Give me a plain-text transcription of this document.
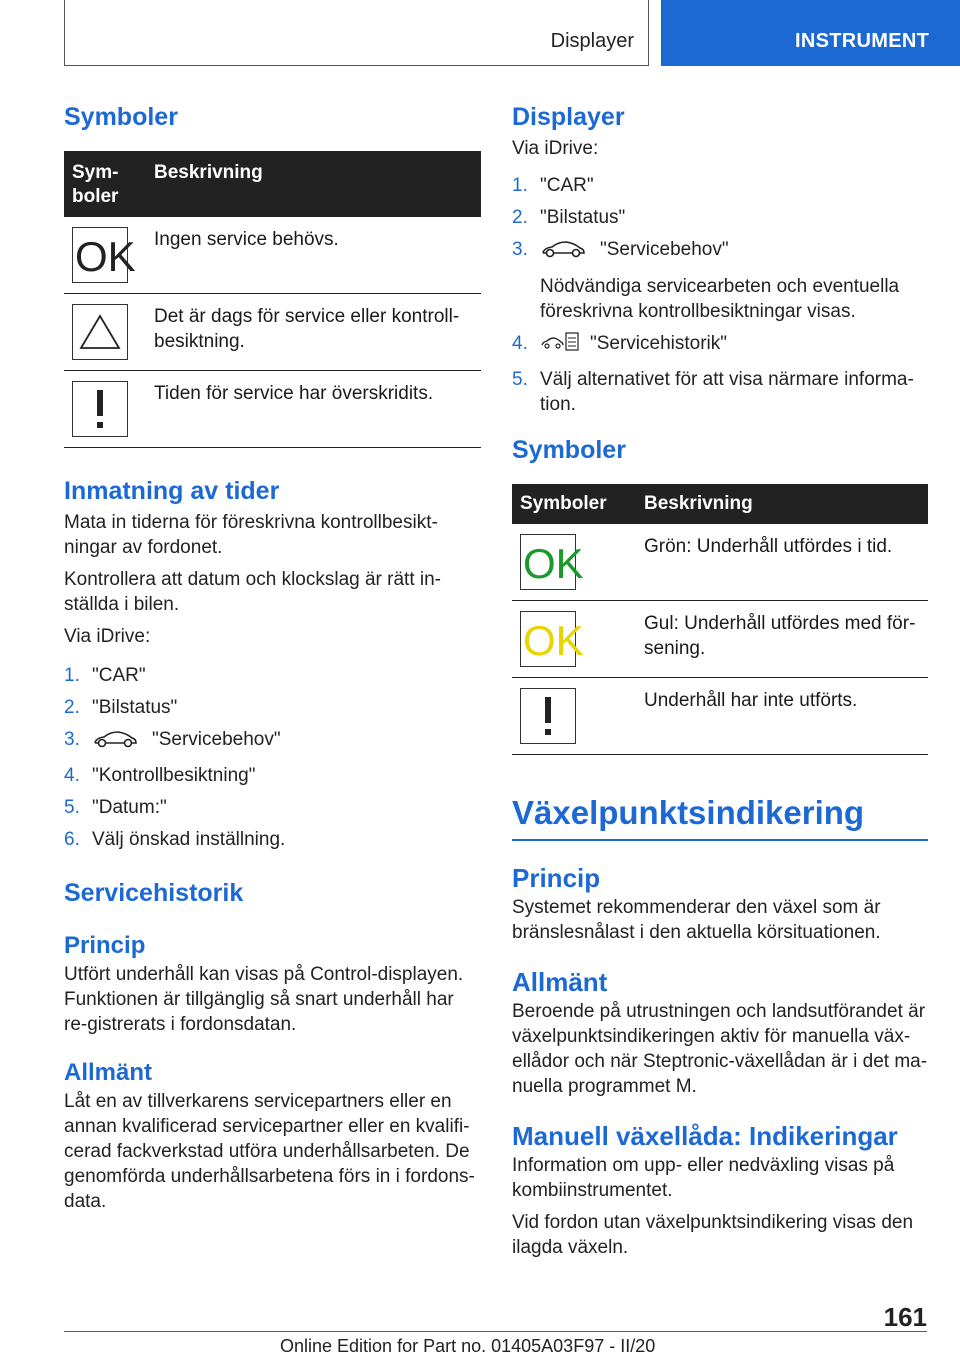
Displayer	INSTRUMENT
Symboler
Sym-
boler	Beskrivning

OK	Ingen service behövs.

	Det är dags för service eller kontroll-besiktning.

	Tiden för service har överskridits.
Inmatning av tider

Mata in tiderna för föreskrivna kontrollbesikt-ningar av fordonet.

Kontrollera att datum och klockslag är rätt in-ställda i bilen.

Via iDrive:

1. "CAR"
2. "Bilstatus"
3.	"Servicebehov"
4. "Kontrollbesiktning"
5. "Datum:"
6. Välj önskad inställning.
Servicehistorik
Princip

Utfört underhåll kan visas på Control-displayen. Funktionen är tillgänglig så snart underhåll har re-gistrerats i fordonsdatan.

Allmänt

Låt en av tillverkarens servicepartners eller en annan kvalificerad servicepartner eller en kvalifi-cerad fackverkstad utföra underhållsarbeten. De genomförda underhållsarbetena förs in i fordons-data.

Displayer

Via iDrive:

1. "CAR"
2. "Bilstatus"
3.	"Servicebehov"
Nödvändiga servicearbeten och eventuella föreskrivna kontrollbesiktningar visas.
4.	"Servicehistorik"
5. Välj alternativet för att visa närmare informa-tion.
Symboler
Symboler	Beskrivning

OK	Grön: Underhåll utfördes i tid.

OK	Gul: Underhåll utfördes med för-sening.

	Underhåll har inte utförts.
Växelpunktsindikering
Princip

Systemet rekommenderar den växel som är bränslesnålast i den aktuella körsituationen.

Allmänt

Beroende på utrustningen och landsutförandet är växelpunktsindikeringen aktiv för manuella väx-ellådor och när Steptronic-växellådan är i det ma-nuella programmet M.

Manuell växellåda: Indikeringar

Information om upp- eller nedväxling visas på kombiinstrumentet.

Vid fordon utan växelpunktsindikering visas den ilagda växeln.

161
Online Edition for Part no. 01405A03F97 - II/20
